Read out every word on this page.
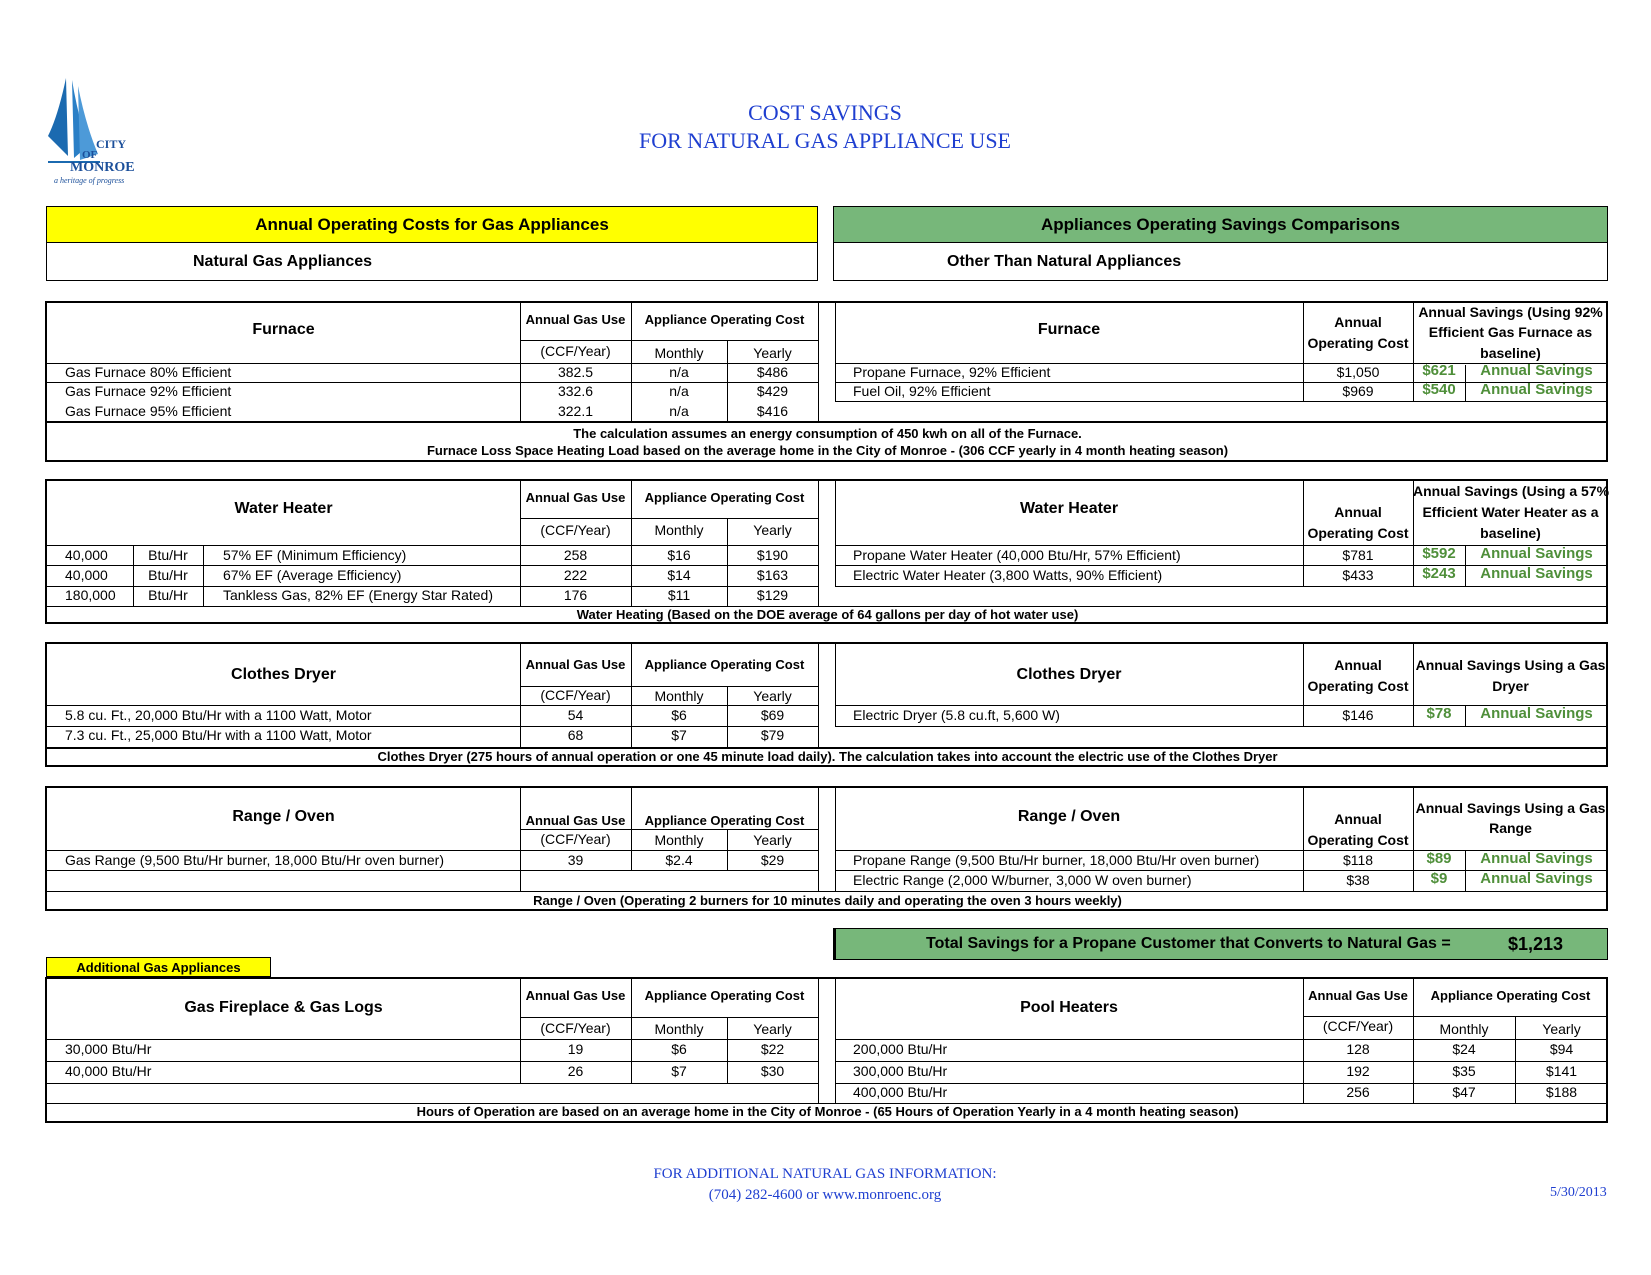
CITY
OF
MONROE
a heritage of progress
COST SAVINGS
FOR NATURAL GAS APPLIANCE USE
Annual Operating Costs for Gas Appliances
Natural Gas Appliances
Appliances Operating Savings Comparisons
Other Than Natural Appliances
Furnace
Annual Gas Use
(CCF/Year)
Appliance Operating Cost
Monthly	Yearly
Gas Furnace 80% Efficient	382.5	n/a	$486
Gas Furnace 92% Efficient	332.6	n/a	$429
Gas Furnace 95% Efficient	322.1	n/a	$416
Furnace	Annual
Operating Cost
Annual Savings (Using 92%
Efficient Gas Furnace as
baseline)
Propane Furnace, 92% Efficient	$1,050	$621	Annual Savings
Fuel Oil, 92% Efficient	$969	$540	Annual Savings
The calculation assumes an energy consumption of 450 kwh on all of the Furnace.
Furnace Loss Space Heating Load based on the average home in the City of Monroe - (306 CCF yearly in 4 month heating season)
Water Heater
Annual Gas Use
(CCF/Year)
Appliance Operating Cost
Monthly	Yearly
40,000	Btu/Hr	57% EF (Minimum Efficiency)	258	$16	$190
40,000	Btu/Hr	67% EF (Average Efficiency)	222	$14	$163
180,000	Btu/Hr	Tankless Gas, 82% EF (Energy Star Rated)	176	$11	$129
Water Heater	Annual
Operating Cost
Annual Savings (Using a 57%
Efficient Water Heater as a
baseline)
Propane Water Heater (40,000 Btu/Hr, 57% Efficient)	$781	$592	Annual Savings
Electric Water Heater (3,800 Watts, 90% Efficient)	$433	$243	Annual Savings
Water Heating (Based on the DOE average of 64 gallons per day of hot water use)
Clothes Dryer
Annual Gas Use
(CCF/Year)
Appliance Operating Cost
Monthly	Yearly
5.8 cu. Ft., 20,000 Btu/Hr with a 1100 Watt, Motor	54	$6	$69
7.3 cu. Ft., 25,000 Btu/Hr with a 1100 Watt, Motor	68	$7	$79
Clothes Dryer
Annual
Operating Cost
Annual Savings Using a Gas
Dryer
Electric Dryer (5.8 cu.ft, 5,600 W)	$146	$78	Annual Savings
Clothes Dryer (275 hours of annual operation or one 45 minute load daily). The calculation takes into account the electric use of the Clothes Dryer
Range / Oven	Annual Gas Use
(CCF/Year)
Appliance Operating Cost
Monthly	Yearly
Gas Range (9,500 Btu/Hr burner, 18,000 Btu/Hr oven burner)	39	$2.4	$29
Range / Oven	Annual
Operating Cost
Annual Savings Using a Gas
Range
Propane Range (9,500 Btu/Hr burner, 18,000 Btu/Hr oven burner)	$118	$89	Annual Savings
Electric Range (2,000 W/burner, 3,000 W oven burner)	$38	$9	Annual Savings
Range / Oven (Operating 2 burners for 10 minutes daily and operating the oven 3 hours weekly)
Total Savings for a Propane Customer that Converts to Natural Gas =	$1,213
Additional Gas Appliances
Gas Fireplace & Gas Logs
Annual Gas Use
(CCF/Year)
Appliance Operating Cost
Monthly	Yearly
30,000 Btu/Hr	19	$6	$22
40,000 Btu/Hr	26	$7	$30
Pool Heaters
Annual Gas Use
(CCF/Year)
Appliance Operating Cost
Monthly	Yearly
200,000 Btu/Hr	128	$24	$94
300,000 Btu/Hr	192	$35	$141
400,000 Btu/Hr	256	$47	$188
Hours of Operation are based on an average home in the City of Monroe - (65 Hours of Operation Yearly in a 4 month heating season)
FOR ADDITIONAL NATURAL GAS INFORMATION:
(704) 282-4600 or www.monroenc.org	5/30/2013
